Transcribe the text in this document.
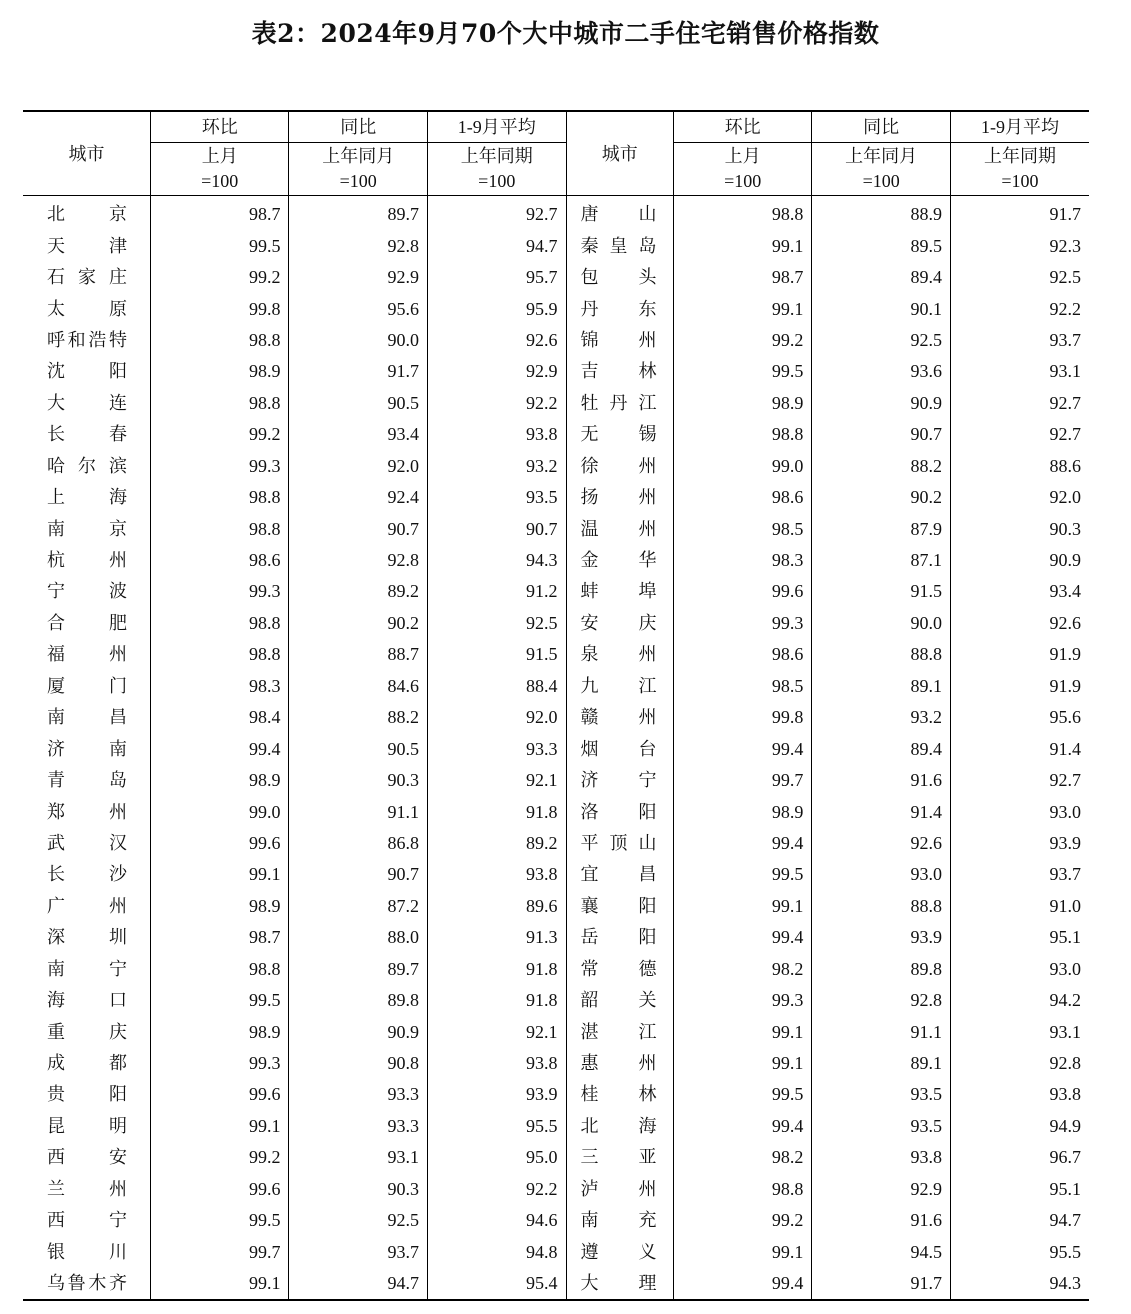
表2：2024年9月70个大中城市二手住宅销售价格指数
城市	环比	同比	1-9月平均	城市	环比	同比	1-9月平均
	上月	上年同月	上年同期		上月	上年同月	上年同期
	=100	=100	=100		=100	=100	=100

北京	98.7	89.7	92.7	唐山	98.8	88.9	91.7

天津	99.5	92.8	94.7	秦皇岛	99.1	89.5	92.3

石家庄	99.2	92.9	95.7	包头	98.7	89.4	92.5

太原	99.8	95.6	95.9	丹东	99.1	90.1	92.2

呼和浩特	98.8	90.0	92.6	锦州	99.2	92.5	93.7

沈阳	98.9	91.7	92.9	吉林	99.5	93.6	93.1

大连	98.8	90.5	92.2	牡丹江	98.9	90.9	92.7

长春	99.2	93.4	93.8	无锡	98.8	90.7	92.7

哈尔滨	99.3	92.0	93.2	徐州	99.0	88.2	88.6

上海	98.8	92.4	93.5	扬州	98.6	90.2	92.0

南京	98.8	90.7	90.7	温州	98.5	87.9	90.3

杭州	98.6	92.8	94.3	金华	98.3	87.1	90.9

宁波	99.3	89.2	91.2	蚌埠	99.6	91.5	93.4

合肥	98.8	90.2	92.5	安庆	99.3	90.0	92.6

福州	98.8	88.7	91.5	泉州	98.6	88.8	91.9

厦门	98.3	84.6	88.4	九江	98.5	89.1	91.9

南昌	98.4	88.2	92.0	赣州	99.8	93.2	95.6

济南	99.4	90.5	93.3	烟台	99.4	89.4	91.4

青岛	98.9	90.3	92.1	济宁	99.7	91.6	92.7

郑州	99.0	91.1	91.8	洛阳	98.9	91.4	93.0

武汉	99.6	86.8	89.2	平顶山	99.4	92.6	93.9

长沙	99.1	90.7	93.8	宜昌	99.5	93.0	93.7

广州	98.9	87.2	89.6	襄阳	99.1	88.8	91.0

深圳	98.7	88.0	91.3	岳阳	99.4	93.9	95.1

南宁	98.8	89.7	91.8	常德	98.2	89.8	93.0

海口	99.5	89.8	91.8	韶关	99.3	92.8	94.2

重庆	98.9	90.9	92.1	湛江	99.1	91.1	93.1

成都	99.3	90.8	93.8	惠州	99.1	89.1	92.8

贵阳	99.6	93.3	93.9	桂林	99.5	93.5	93.8

昆明	99.1	93.3	95.5	北海	99.4	93.5	94.9

西安	99.2	93.1	95.0	三亚	98.2	93.8	96.7

兰州	99.6	90.3	92.2	泸州	98.8	92.9	95.1

西宁	99.5	92.5	94.6	南充	99.2	91.6	94.7

银川	99.7	93.7	94.8	遵义	99.1	94.5	95.5

乌鲁木齐	99.1	94.7	95.4	大理	99.4	91.7	94.3
